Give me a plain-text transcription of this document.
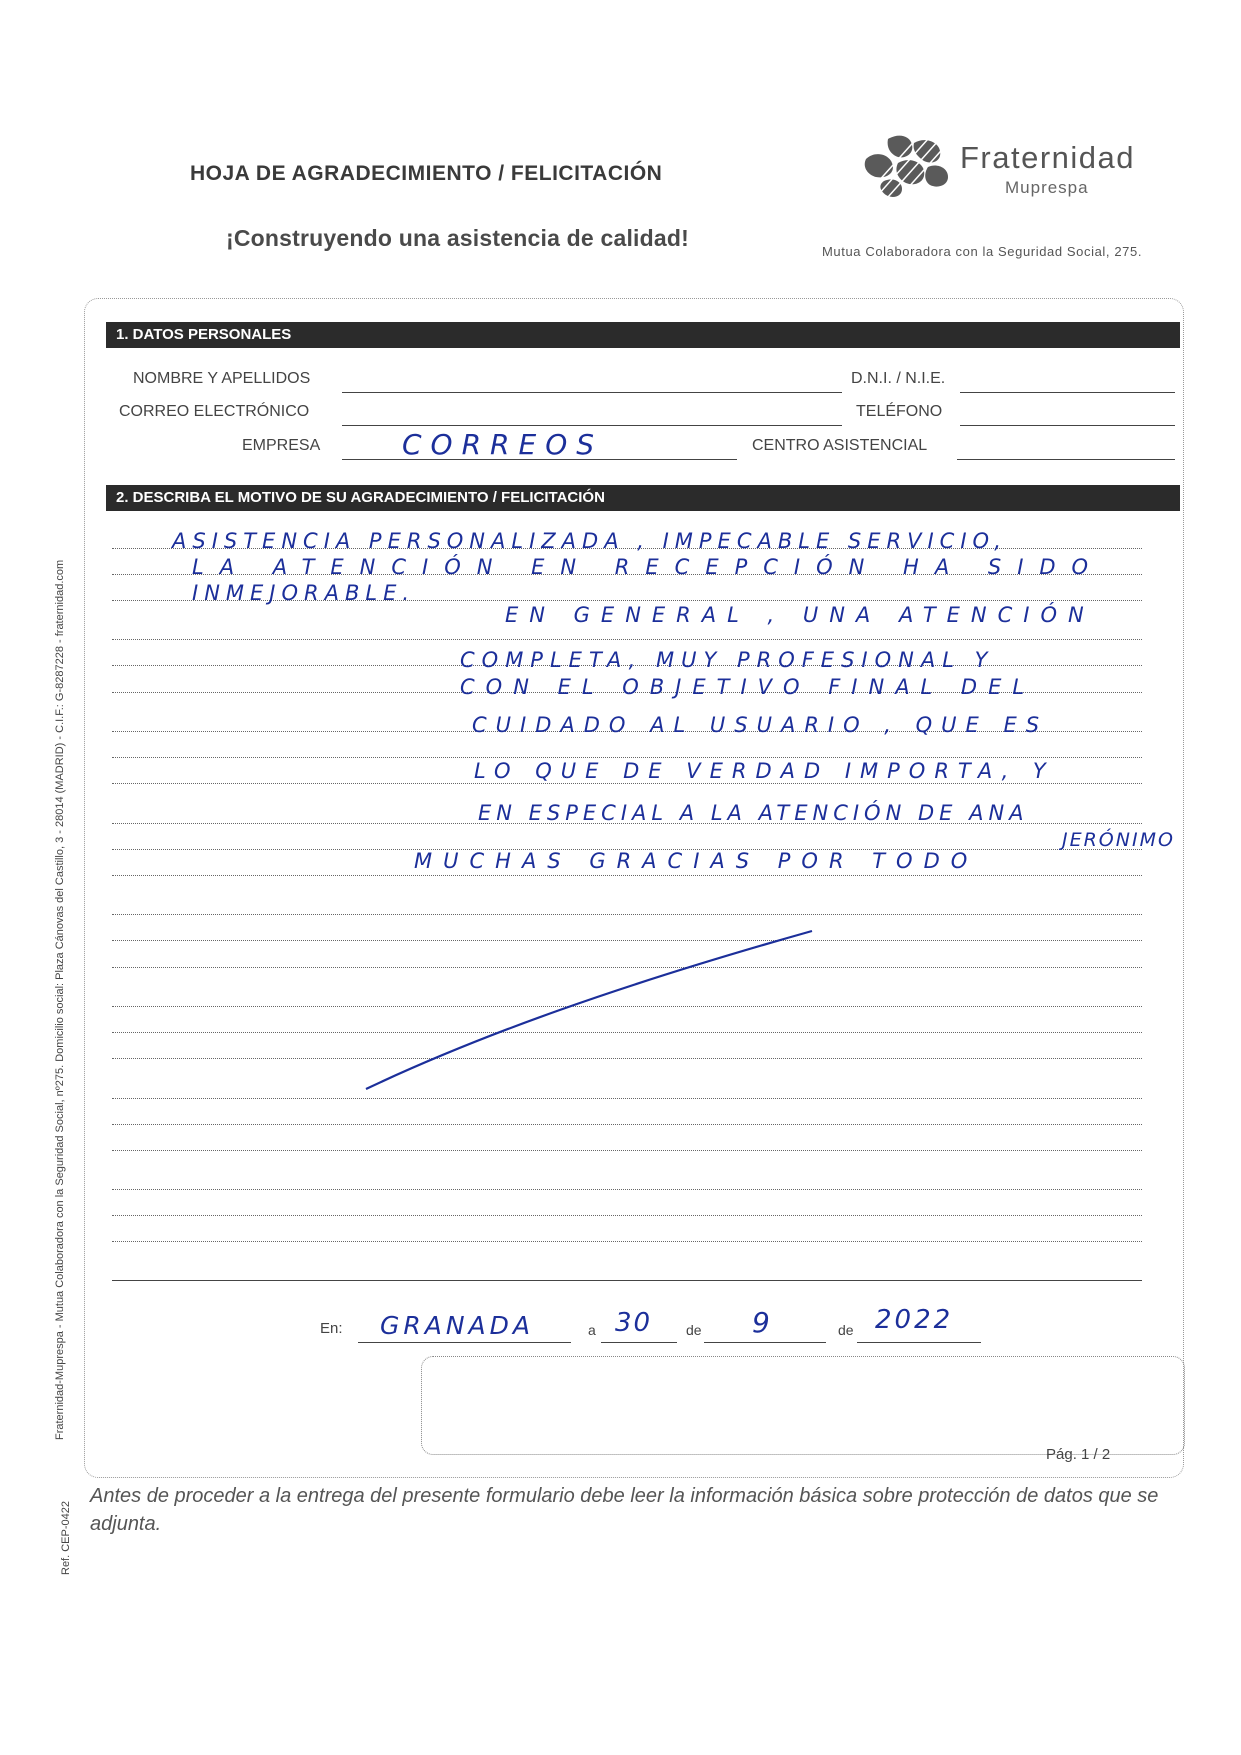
HOJA DE AGRADECIMIENTO / FELICITACIÓN
¡Construyendo una asistencia de calidad!
Fraternidad
Muprespa
Mutua Colaboradora con la Seguridad Social, 275.
Fraternidad-Muprespa - Mutua Colaboradora con la Seguridad Social, nº275. Domicilio social: Plaza Cánovas del Castillo, 3 - 28014 (MADRID) - C.I.F.: G-8287228 - fraternidad.com
Ref. CEP-0422
1. DATOS PERSONALES
NOMBRE Y APELLIDOS	D.N.I. / N.I.E.
CORREO ELECTRÓNICO	TELÉFONO
EMPRESA	CORREOS	CENTRO ASISTENCIAL
2. DESCRIBA EL MOTIVO DE SU AGRADECIMIENTO / FELICITACIÓN
ASISTENCIA PERSONALIZADA , IMPECABLE SERVICIO,
LA ATENCIÓN EN RECEPCIÓN HA SIDO
INMEJORABLE.
EN GENERAL , UNA ATENCIÓN
COMPLETA, MUY PROFESIONAL Y
CON EL OBJETIVO FINAL DEL
CUIDADO AL USUARIO , QUE ES
LO QUE DE VERDAD IMPORTA, Y
EN ESPECIAL A LA ATENCIÓN DE ANA
JERÓNIMO
MUCHAS GRACIAS POR TODO
En: GRANADA	a 30 de 9	de 2022
Pág. 1 / 2
Antes de proceder a la entrega del presente formulario debe leer la información básica sobre protección de datos que se adjunta.
